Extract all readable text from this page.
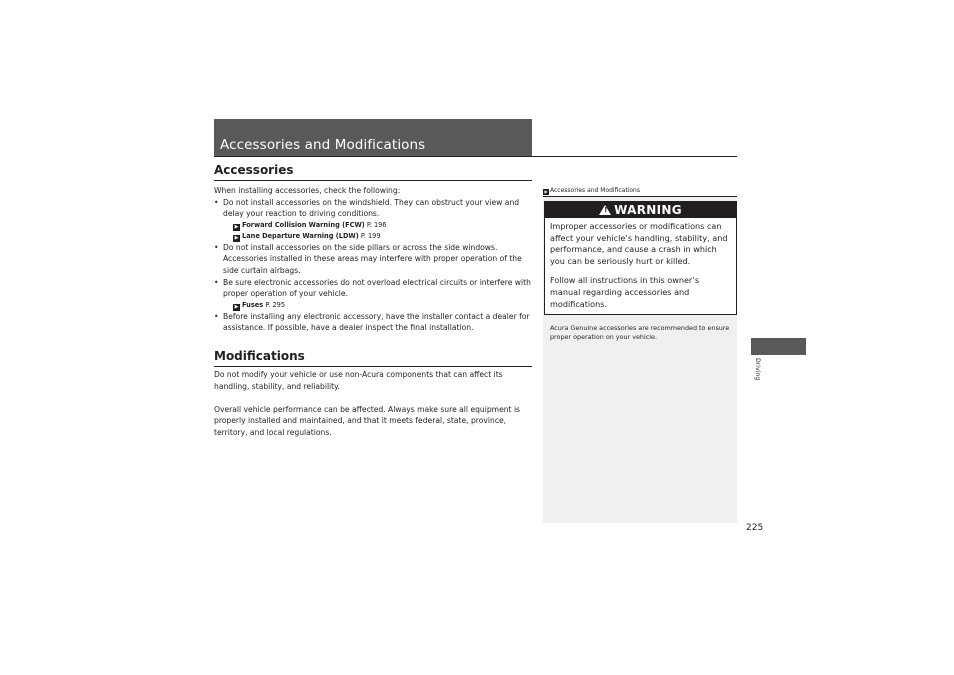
Accessories and Modifications
Accessories

When installing accessories, check the following:

• Do not install accessories on the windshield. They can obstruct your view and delay your reaction to driving conditions.
▶ Forward Collision Warning (FCW) P. 196
▶ Lane Departure Warning (LDW) P. 199
• Do not install accessories on the side pillars or across the side windows. Accessories installed in these areas may interfere with proper operation of the side curtain airbags.
• Be sure electronic accessories do not overload electrical circuits or interfere with proper operation of your vehicle.
▶ Fuses P. 295
• Before installing any electronic accessory, have the installer contact a dealer for assistance. If possible, have a dealer inspect the final installation.
Modifications

Do not modify your vehicle or use non-Acura components that can affect its handling, stability, and reliability.

Overall vehicle performance can be affected. Always make sure all equipment is properly installed and maintained, and that it meets federal, state, province, territory, and local regulations.

▶ Accessories and Modifications
! WARNING

Improper accessories or modifications can affect your vehicle’s handling, stability, and performance, and cause a crash in which you can be seriously hurt or killed.

Follow all instructions in this owner’s manual regarding accessories and modifications.

Acura Genuine accessories are recommended to ensure proper operation on your vehicle.
Driving
225
